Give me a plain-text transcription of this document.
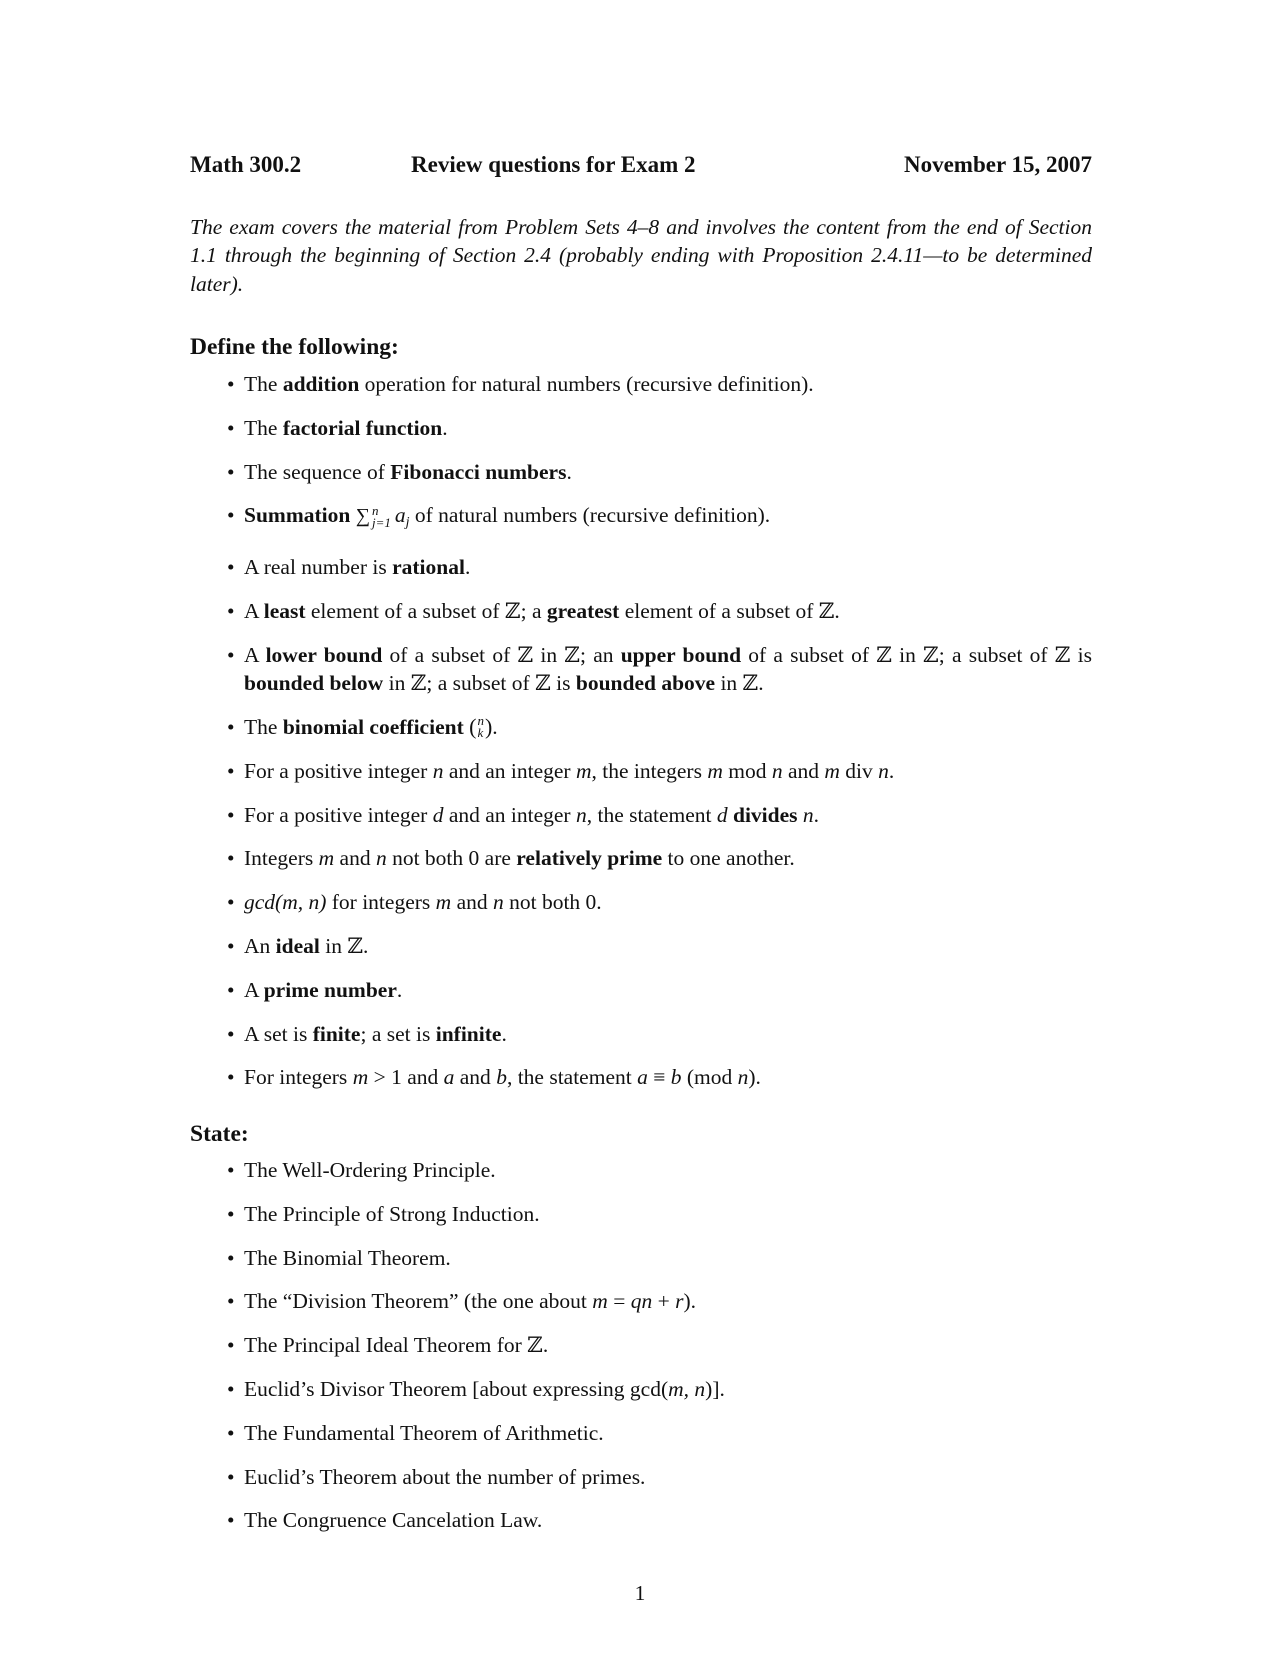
Math 300.2	Review questions for Exam 2	November 15, 2007
The exam covers the material from Problem Sets 4–8 and involves the content from the end of Section 1.1 through the beginning of Section 2.4 (probably ending with Proposition 2.4.11—to be determined later).
Define the following:
• The addition operation for natural numbers (recursive definition).
• The factorial function.
• The sequence of Fibonacci numbers.
• Summation ∑ n
j=1 $a_j$ of natural numbers (recursive definition).
• A real number is rational.
• A least element of a subset of ℤ; a greatest element of a subset of ℤ.
• A lower bound of a subset of ℤ in ℤ; an upper bound of a subset of ℤ in ℤ; a subset of ℤ is bounded below in ℤ; a subset of ℤ is bounded above in ℤ.
• The binomial coefficient ( n
k ).
• For a positive integer n and an integer m, the integers m mod n and m div n.
• For a positive integer d and an integer n, the statement d divides n.
• Integers m and n not both 0 are relatively prime to one another.
• gcd(m, n) for integers m and n not both 0.
• An ideal in ℤ.
• A prime number.
• A set is finite; a set is infinite.
• For integers m > 1 and a and b, the statement a ≡ b (mod n).
State:
• The Well-Ordering Principle.
• The Principle of Strong Induction.
• The Binomial Theorem.
• The “Division Theorem” (the one about m = qn + r).
• The Principal Ideal Theorem for ℤ.
• Euclid’s Divisor Theorem [about expressing gcd(m, n)].
• The Fundamental Theorem of Arithmetic.
• Euclid’s Theorem about the number of primes.
• The Congruence Cancelation Law.
1
